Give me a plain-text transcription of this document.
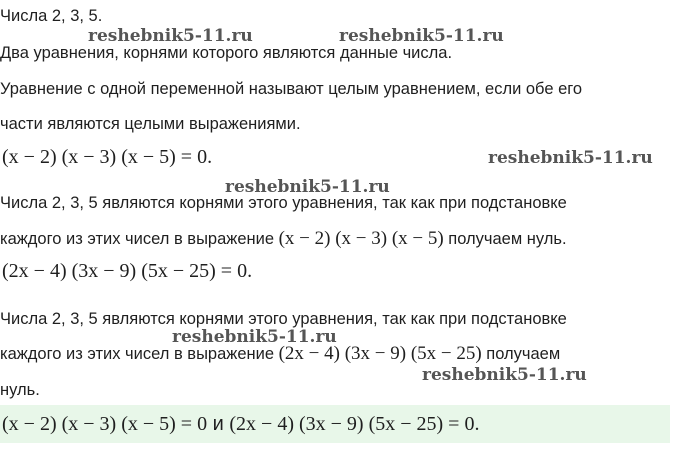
Числа 2, 3, 5.
Два уравнения, корнями которого являются данные числа.
Уравнение с одной переменной называют целым уравнением, если обе его
части являются целыми выражениями.
(x − 2) (x − 3) (x − 5) = 0.
Числа 2, 3, 5 являются корнями этого уравнения, так как при подстановке
каждого из этих чисел в выражение (x − 2) (x − 3) (x − 5) получаем нуль.
(2x − 4) (3x − 9) (5x − 25) = 0.
Числа 2, 3, 5 являются корнями этого уравнения, так как при подстановке
каждого из этих чисел в выражение (2x − 4) (3x − 9) (5x − 25) получаем
нуль.
(x − 2) (x − 3) (x − 5) = 0 и (2x − 4) (3x − 9) (5x − 25) = 0.
reshebnik5-11.ru	reshebnik5-11.ru
reshebnik5-11.ru
reshebnik5-11.ru
reshebnik5-11.ru
reshebnik5-11.ru
